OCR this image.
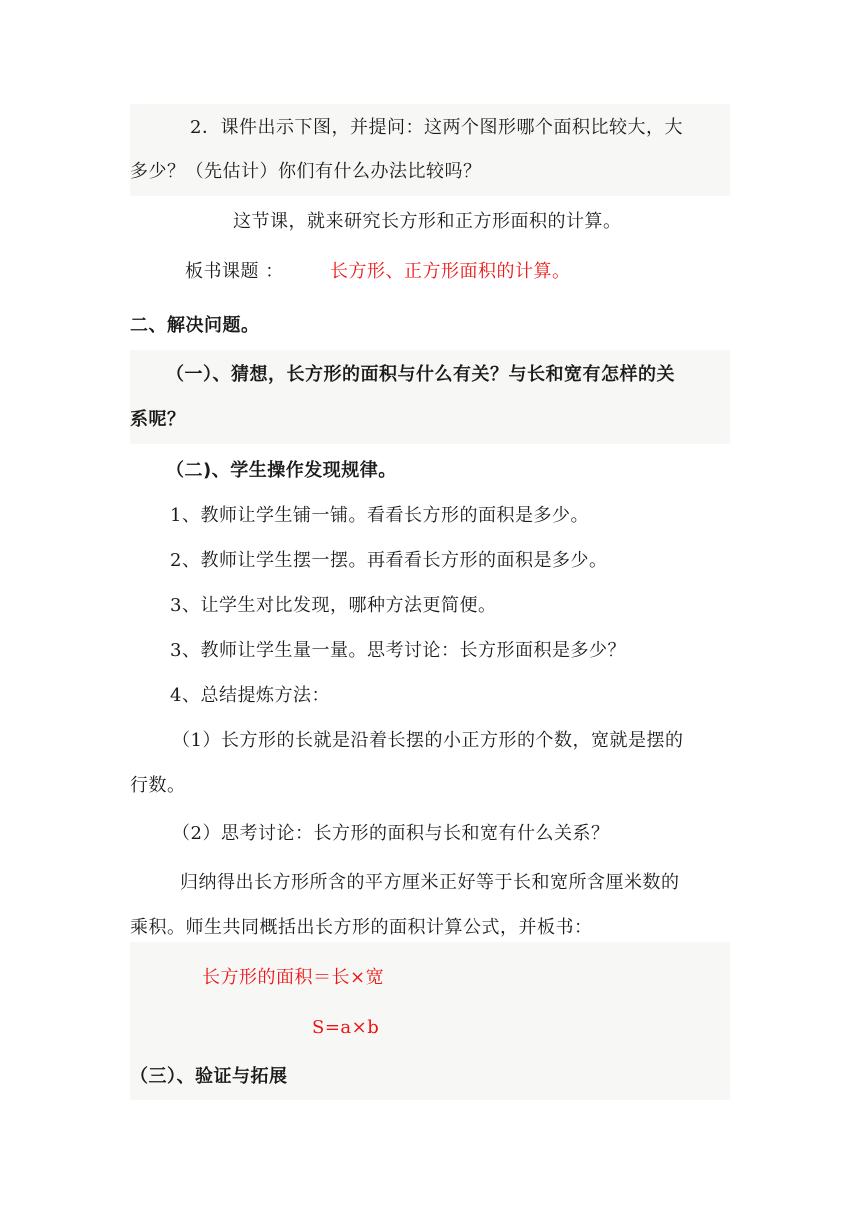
2．课件出示下图，并提问：这两个图形哪个面积比较大，大
多少？（先估计）你们有什么办法比较吗？
这节课，就来研究长方形和正方形面积的计算。
板书课题 ：	长方形、正方形面积的计算。
二、解决问题。
（一）、猜想，长方形的面积与什么有关？与长和宽有怎样的关
系呢？
（二)、学生操作发现规律。
1、教师让学生铺一铺。看看长方形的面积是多少。
2、教师让学生摆一摆。再看看长方形的面积是多少。
3、让学生对比发现，哪种方法更简便。
3、教师让学生量一量。思考讨论：长方形面积是多少？
4、总结提炼方法：
（1）长方形的长就是沿着长摆的小正方形的个数，宽就是摆的
行数。
（2）思考讨论：长方形的面积与长和宽有什么关系？
归纳得出长方形所含的平方厘米正好等于长和宽所含厘米数的
乘积。师生共同概括出长方形的面积计算公式，并板书：
长方形的面积＝长×宽
S=a×b
（三）、验证与拓展
